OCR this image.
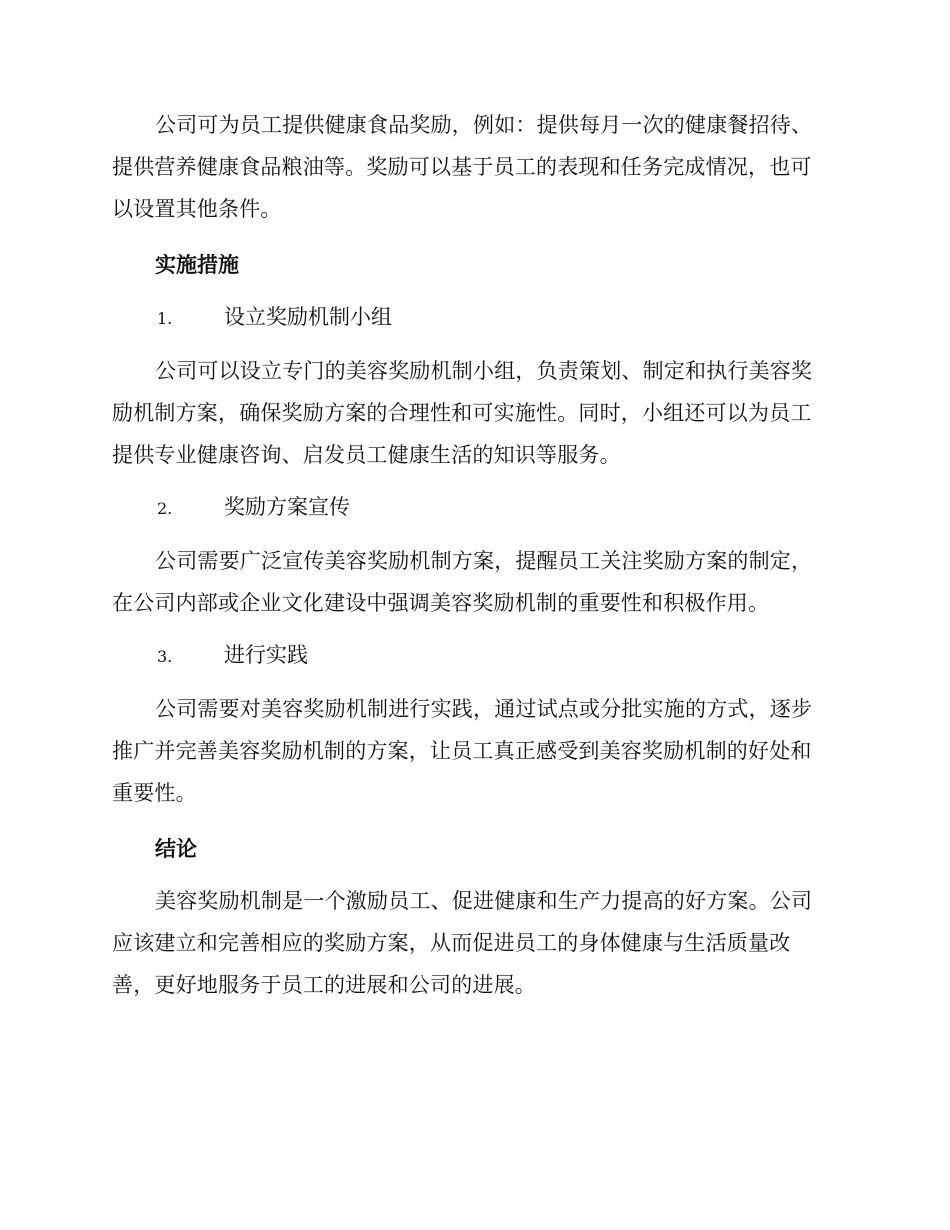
公司可为员工提供健康食品奖励，例如：提供每月一次的健康餐招待、提供营养健康食品粮油等。奖励可以基于员工的表现和任务完成情况，也可以设置其他条件。

实施措施
1.	设立奖励机制小组

公司可以设立专门的美容奖励机制小组，负责策划、制定和执行美容奖励机制方案，确保奖励方案的合理性和可实施性。同时，小组还可以为员工提供专业健康咨询、启发员工健康生活的知识等服务。

2.	奖励方案宣传

公司需要广泛宣传美容奖励机制方案，提醒员工关注奖励方案的制定，在公司内部或企业文化建设中强调美容奖励机制的重要性和积极作用。

3.	进行实践

公司需要对美容奖励机制进行实践，通过试点或分批实施的方式，逐步推广并完善美容奖励机制的方案，让员工真正感受到美容奖励机制的好处和重要性。

结论

美容奖励机制是一个激励员工、促进健康和生产力提高的好方案。公司应该建立和完善相应的奖励方案，从而促进员工的身体健康与生活质量改善，更好地服务于员工的进展和公司的进展。
